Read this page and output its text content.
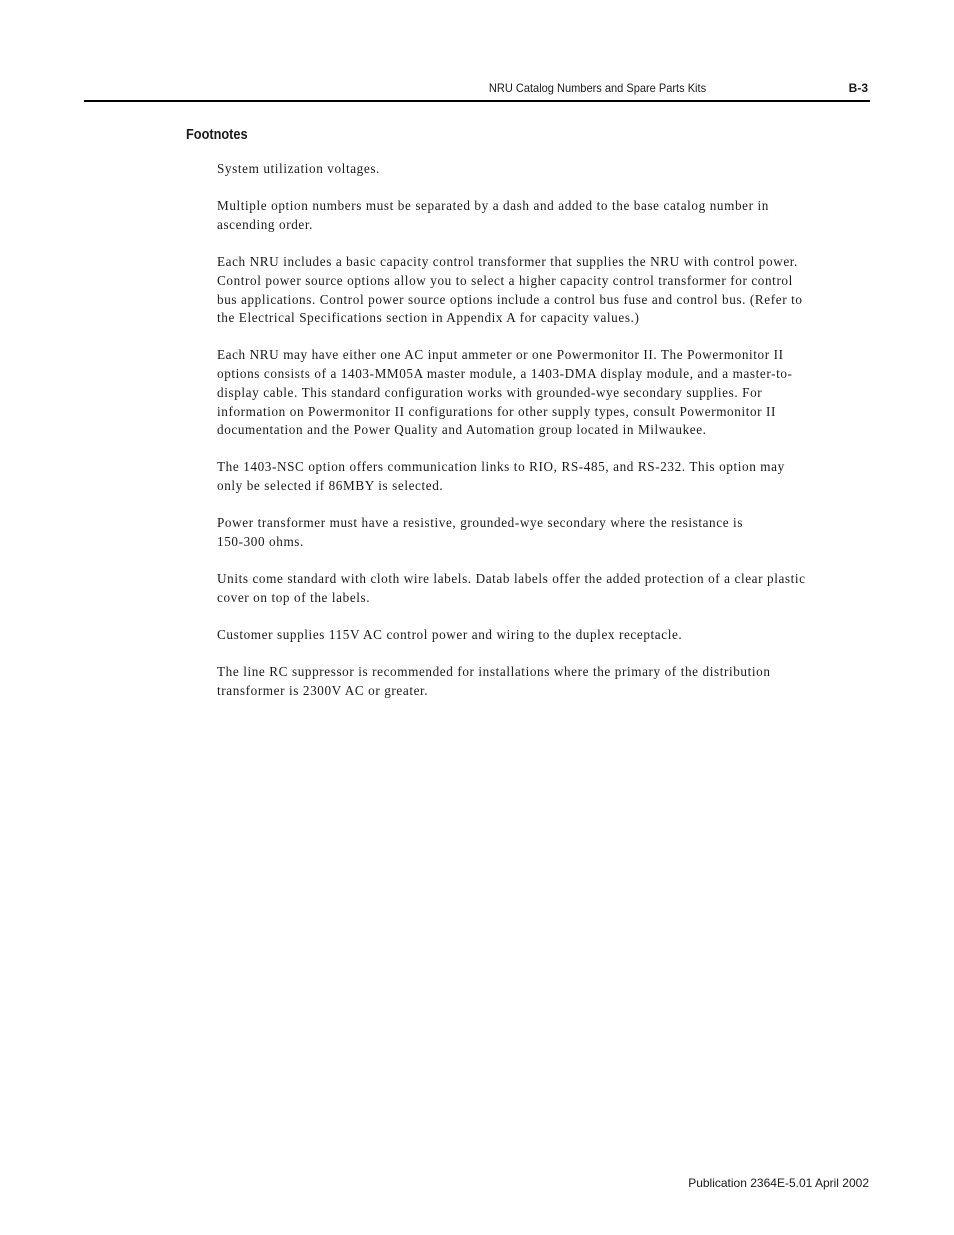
NRU Catalog Numbers and Spare Parts Kits	B-3
Footnotes
System utilization voltages.
Multiple option numbers must be separated by a dash and added to the base catalog number in
ascending order.
Each NRU includes a basic capacity control transformer that supplies the NRU with control power.
Control power source options allow you to select a higher capacity control transformer for control
bus applications. Control power source options include a control bus fuse and control bus. (Refer to
the Electrical Specifications section in Appendix A for capacity values.)
Each NRU may have either one AC input ammeter or one Powermonitor II. The Powermonitor II
options consists of a 1403-MM05A master module, a 1403-DMA display module, and a master-to-
display cable. This standard configuration works with grounded-wye secondary supplies. For
information on Powermonitor II configurations for other supply types, consult Powermonitor II
documentation and the Power Quality and Automation group located in Milwaukee.
The 1403-NSC option offers communication links to RIO, RS-485, and RS-232. This option may
only be selected if 86MBY is selected.
Power transformer must have a resistive, grounded-wye secondary where the resistance is
150-300 ohms.
Units come standard with cloth wire labels. Datab labels offer the added protection of a clear plastic
cover on top of the labels.
Customer supplies 115V AC control power and wiring to the duplex receptacle.
The line RC suppressor is recommended for installations where the primary of the distribution
transformer is 2300V AC or greater.
Publication 2364E-5.01 April 2002
